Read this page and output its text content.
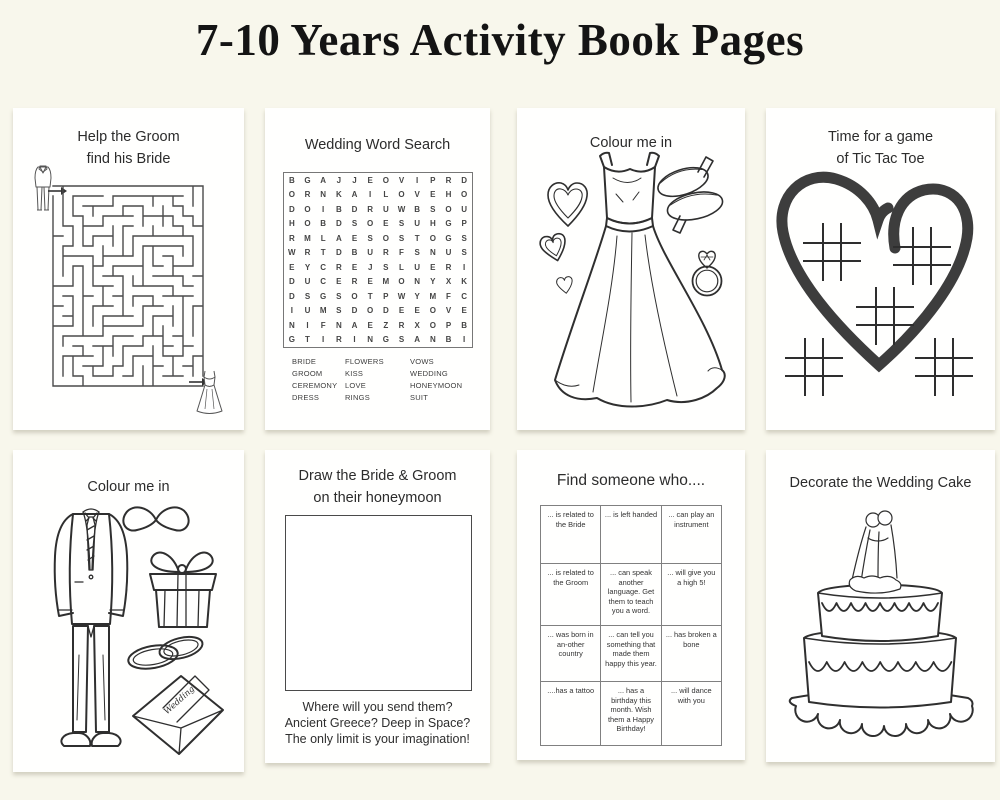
7-10 Years Activity Book Pages
Help the Groom
find his Bride
Wedding Word Search
B	G	A	J	J	E	O	V	I	P	R	D
O	R	N	K	A	I	L	O	V	E	H	O
D	O	I	B	D	R	U	W	B	S	O	U
H	O	B	D	S	O	E	S	U	H	G	P
R	M	L	A	E	S	O	S	T	O	G	S
W	R	T	D	B	U	R	F	S	N	U	S
E	Y	C	R	E	J	S	L	U	E	R	I
D	U	C	E	R	E	M	O	N	Y	X	K
D	S	G	S	O	T	P	W	Y	M	F	C
I	U	M	S	D	O	D	E	E	O	V	E
N	I	F	N	A	E	Z	R	X	O	P	B
G	T	I	R	I	N	G	S	A	N	B	I
BRIDE
GROOM
CEREMONY
DRESS
FLOWERS
KISS
LOVE
RINGS
VOWS
WEDDING
HONEYMOON
SUIT
Colour me in	Time for a game
of Tic Tac Toe
Colour me in
Wedding
Draw the Bride & Groom
on their honeymoon
Where will you send them?
Ancient Greece? Deep in Space?
The only limit is your imagination!
Find someone who....
... is related to the Bride	... is left handed	... can play an instrument
... is related to the Groom	... can speak another language. Get them to teach you a word.	... will give you a high 5!
... was born in an-other country	... can tell you something that made them happy this year.	... has broken a bone
....has a tattoo	... has a birthday this month. Wish them a Happy Birthday!	... will dance with you
Decorate the Wedding Cake
